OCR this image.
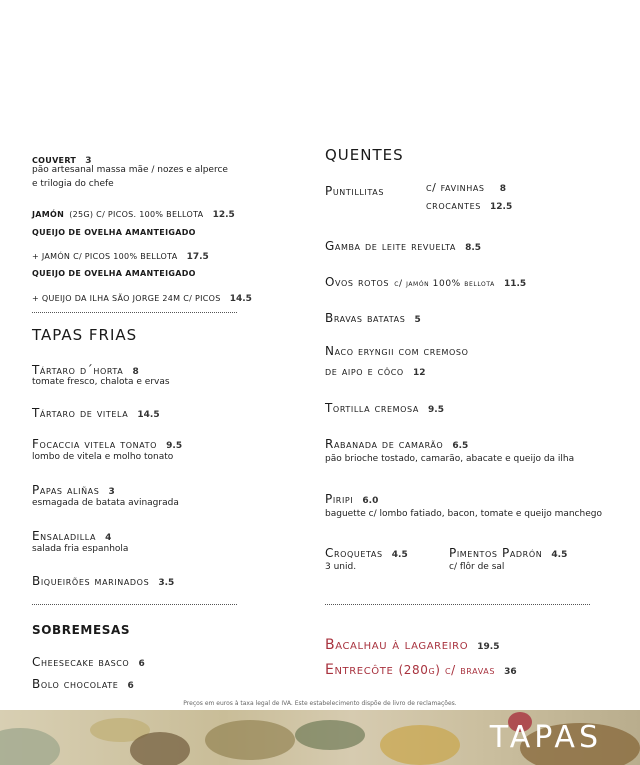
COUVERT 3
pão artesanal massa mãe / nozes e alperce
e trilogia do chefe
JAMÓN (25G) C/ PICOS. 100% BELLOTA 12.5
QUEIJO DE OVELHA AMANTEIGADO
+ JAMÓN C/ PICOS 100% BELLOTA 17.5
QUEIJO DE OVELHA AMANTEIGADO
+ QUEIJO DA ILHA SÃO JORGE 24M C/ PICOS 14.5
TAPAS FRIAS
Tártaro d´horta 8
tomate fresco, chalota e ervas
Tártaro de vitela 14.5
Focaccia vitela tonato 9.5
lombo de vitela e molho tonato
Papas aliñas 3
esmagada de batata avinagrada
Ensaladilla 4
salada fria espanhola
Biqueirões marinados 3.5
SOBREMESAS
Cheesecake basco 6
Bolo chocolate 6
QUENTES
Puntillitas	c/ favinhas 8
crocantes 12.5
Gamba de leite revuelta 8.5
Ovos rotos c/ jamón 100% bellota 11.5
Bravas batatas 5
Naco eryngii com cremoso
de aipo e côco 12
Tortilla cremosa 9.5
Rabanada de camarão 6.5
pão brioche tostado, camarão, abacate e queijo da ilha
Piripi 6.0
baguette c/ lombo fatiado, bacon, tomate e queijo manchego
Croquetas 4.5
3 unid.
Pimentos Padrón 4.5
c/ flôr de sal
Bacalhau à lagareiro 19.5
Entrecôte (280g) c/ bravas 36
Preços em euros à taxa legal de IVA. Este estabelecimento dispõe de livro de reclamações.
TAPAS
